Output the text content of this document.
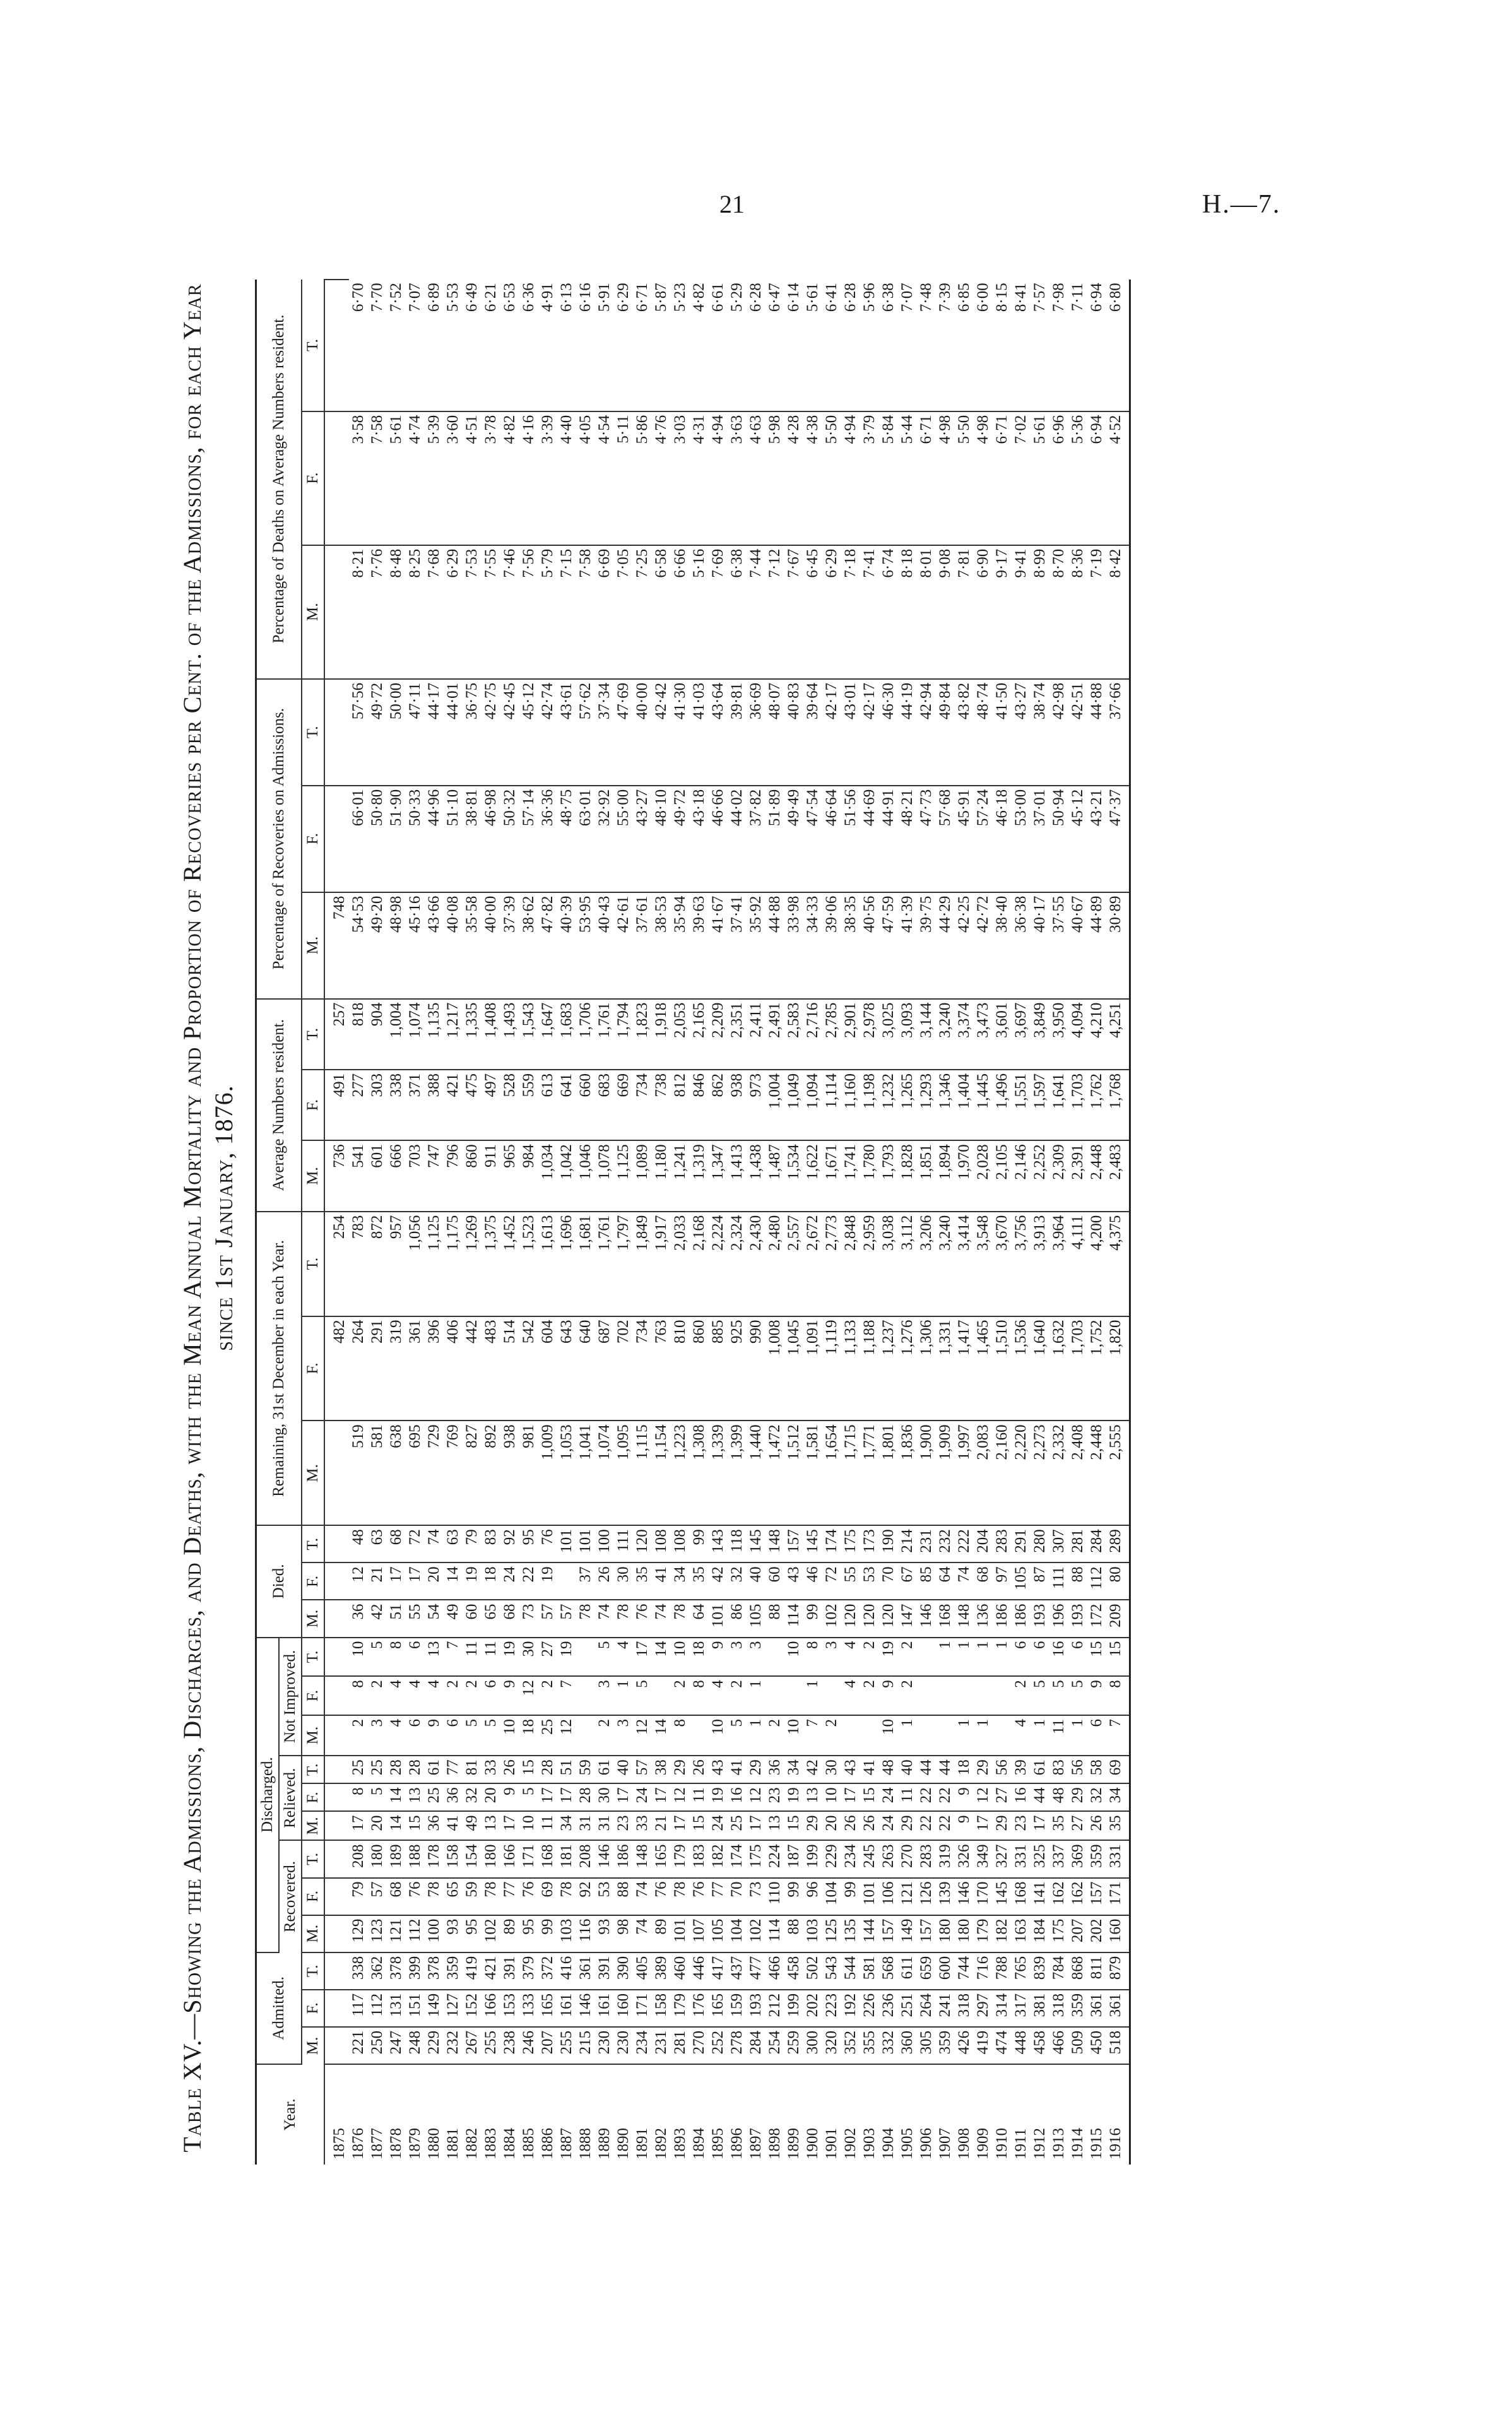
21	H.—7.
Table XV.—Showing the Admissions, Discharges, and Deaths, with the Mean Annual Mortality and Proportion of Recoveries per Cent. of the Admissions, for each Year since 1st January, 1876.
Year.	Admitted.			Discharged.									Died.			Remaining, 31st December in each Year.			Average Numbers resident.			Percentage of Recoveries on Admissions.			Percentage of Deaths on Average Numbers resident.			
				Recovered.			Relieved.			Not Improved.																		
	M.	F.	T.	M.	F.	T.	M.	F.	T.	M.	F.	T.	M.	F.	T.	M.	F.	T.	M.	F.	T.	M.	F.	T.	M.	F.	T.	
1875																	482	254	736	491	257	748						
1876	221	117	338	129	79	208	17	8	25	2	8	10	36	12	48	519	264	783	541	277	818	54·53	66·01	57·56	8·21	3·58	6·70	
1877	250	112	362	123	57	180	20	5	25	3	2	5	42	21	63	581	291	872	601	303	904	49·20	50·80	49·72	7·76	7·58	7·70	
1878	247	131	378	121	68	189	14	14	28	4	4	8	51	17	68	638	319	957	666	338	1,004	48·98	51·90	50·00	8·48	5·61	7·52	
1879	248	151	399	112	76	188	15	13	28	6	4	6	55	17	72	695	361	1,056	703	371	1,074	45·16	50·33	47·11	8·25	4·74	7·07	
1880	229	149	378	100	78	178	36	25	61	9	4	13	54	20	74	729	396	1,125	747	388	1,135	43·66	44·96	44·17	7·68	5·39	6·89	
1881	232	127	359	93	65	158	41	36	77	6	2	7	49	14	63	769	406	1,175	796	421	1,217	40·08	51·10	44·01	6·29	3·60	5·53	
1882	267	152	419	95	59	154	49	32	81	5	2	11	60	19	79	827	442	1,269	860	475	1,335	35·58	38·81	36·75	7·53	4·51	6·49	
1883	255	166	421	102	78	180	13	20	33	5	6	11	65	18	83	892	483	1,375	911	497	1,408	40·00	46·98	42·75	7·55	3·78	6·21	
1884	238	153	391	89	77	166	17	9	26	10	9	19	68	24	92	938	514	1,452	965	528	1,493	37·39	50·32	42·45	7·46	4·82	6·53	
1885	246	133	379	95	76	171	10	5	15	18	12	30	73	22	95	981	542	1,523	984	559	1,543	38·62	57·14	45·12	7·56	4·16	6·36	
1886	207	165	372	99	69	168	11	17	28	25	2	27	57	19	76	1,009	604	1,613	1,034	613	1,647	47·82	36·36	42·74	5·79	3·39	4·91	
1887	255	161	416	103	78	181	34	17	51	12	7	19	57		101	1,053	643	1,696	1,042	641	1,683	40·39	48·75	43·61	7·15	4·40	6·13	
1888	215	146	361	116	92	208	31	28	59				78	37	101	1,041	640	1,681	1,046	660	1,706	53·95	63·01	57·62	7·58	4·05	6·16	
1889	230	161	391	93	53	146	31	30	61	2	3	5	74	26	100	1,074	687	1,761	1,078	683	1,761	40·43	32·92	37·34	6·69	4·54	5·91	
1890	230	160	390	98	88	186	23	17	40	3	1	4	78	30	111	1,095	702	1,797	1,125	669	1,794	42·61	55·00	47·69	7·05	5·11	6·29	
1891	234	171	405	74	74	148	33	24	57	12	5	17	76	35	120	1,115	734	1,849	1,089	734	1,823	37·61	43·27	40·00	7·25	5·86	6·71	
1892	231	158	389	89	76	165	21	17	38	14		14	74	41	108	1,154	763	1,917	1,180	738	1,918	38·53	48·10	42·42	6·58	4·76	5·87	
1893	281	179	460	101	78	179	17	12	29	8	2	10	78	34	108	1,223	810	2,033	1,241	812	2,053	35·94	49·72	41·30	6·66	3·03	5·23	
1894	270	176	446	107	76	183	15	11	26		8	18	64	35	99	1,308	860	2,168	1,319	846	2,165	39·63	43·18	41·03	5·16	4·31	4·82	
1895	252	165	417	105	77	182	24	19	43	10	4	9	101	42	143	1,339	885	2,224	1,347	862	2,209	41·67	46·66	43·64	7·69	4·94	6·61	
1896	278	159	437	104	70	174	25	16	41	5	2	3	86	32	118	1,399	925	2,324	1,413	938	2,351	37·41	44·02	39·81	6·38	3·63	5·29	
1897	284	193	477	102	73	175	17	12	29	1	1	3	105	40	145	1,440	990	2,430	1,438	973	2,411	35·92	37·82	36·69	7·44	4·63	6·28	
1898	254	212	466	114	110	224	13	23	36	2			88	60	148	1,472	1,008	2,480	1,487	1,004	2,491	44·88	51·89	48·07	7·12	5·98	6·47	
1899	259	199	458	88	99	187	15	19	34	10		10	114	43	157	1,512	1,045	2,557	1,534	1,049	2,583	33·98	49·49	40·83	7·67	4·28	6·14	
1900	300	202	502	103	96	199	29	13	42	7	1	8	99	46	145	1,581	1,091	2,672	1,622	1,094	2,716	34·33	47·54	39·64	6·45	4·38	5·61	
1901	320	223	543	125	104	229	20	10	30	2		3	102	72	174	1,654	1,119	2,773	1,671	1,114	2,785	39·06	46·64	42·17	6·29	5·50	6·41	
1902	352	192	544	135	99	234	26	17	43		4	4	120	55	175	1,715	1,133	2,848	1,741	1,160	2,901	38·35	51·56	43·01	7·18	4·94	6·28	
1903	355	226	581	144	101	245	26	15	41		2	2	120	53	173	1,771	1,188	2,959	1,780	1,198	2,978	40·56	44·69	42·17	7·41	3·79	5·96	
1904	332	236	568	157	106	263	24	24	48	10	9	19	120	70	190	1,801	1,237	3,038	1,793	1,232	3,025	47·59	44·91	46·30	6·74	5·84	6·38	
1905	360	251	611	149	121	270	29	11	40	1	2	2	147	67	214	1,836	1,276	3,112	1,828	1,265	3,093	41·39	48·21	44·19	8·18	5·44	7·07	
1906	305	264	659	157	126	283	22	22	44				146	85	231	1,900	1,306	3,206	1,851	1,293	3,144	39·75	47·73	42·94	8·01	6·71	7·48	
1907	359	241	600	180	139	319	22	22	44			1	168	64	232	1,909	1,331	3,240	1,894	1,346	3,240	44·29	57·68	49·84	9·08	4·98	7·39	
1908	426	318	744	180	146	326	9	9	18	1		1	148	74	222	1,997	1,417	3,414	1,970	1,404	3,374	42·25	45·91	43·82	7·81	5·50	6·85	
1909	419	297	716	179	170	349	17	12	29	1		1	136	68	204	2,083	1,465	3,548	2,028	1,445	3,473	42·72	57·24	48·74	6·90	4·98	6·00	
1910	474	314	788	182	145	327	29	27	56			1	186	97	283	2,160	1,510	3,670	2,105	1,496	3,601	38·40	46·18	41·50	9·17	6·71	8·15	
1911	448	317	765	163	168	331	23	16	39	4	2	6	186	105	291	2,220	1,536	3,756	2,146	1,551	3,697	36·38	53·00	43·27	9·41	7·02	8·41	
1912	458	381	839	184	141	325	17	44	61	1	5	6	193	87	280	2,273	1,640	3,913	2,252	1,597	3,849	40·17	37·01	38·74	8·99	5·61	7·57	
1913	466	318	784	175	162	337	35	48	83	11	5	16	196	111	307	2,332	1,632	3,964	2,309	1,641	3,950	37·55	50·94	42·98	8·70	6·96	7·98	
1914	509	359	868	207	162	369	27	29	56	1	5	6	193	88	281	2,408	1,703	4,111	2,391	1,703	4,094	40·67	45·12	42·51	8·36	5·36	7·11	
1915	450	361	811	202	157	359	26	32	58	6	9	15	172	112	284	2,448	1,752	4,200	2,448	1,762	4,210	44·89	43·21	44·88	7·19	6·94	6·94	
1916	518	361	879	160	171	331	35	34	69	7	8	15	209	80	289	2,555	1,820	4,375	2,483	1,768	4,251	30·89	47·37	37·66	8·42	4·52	6·80	
